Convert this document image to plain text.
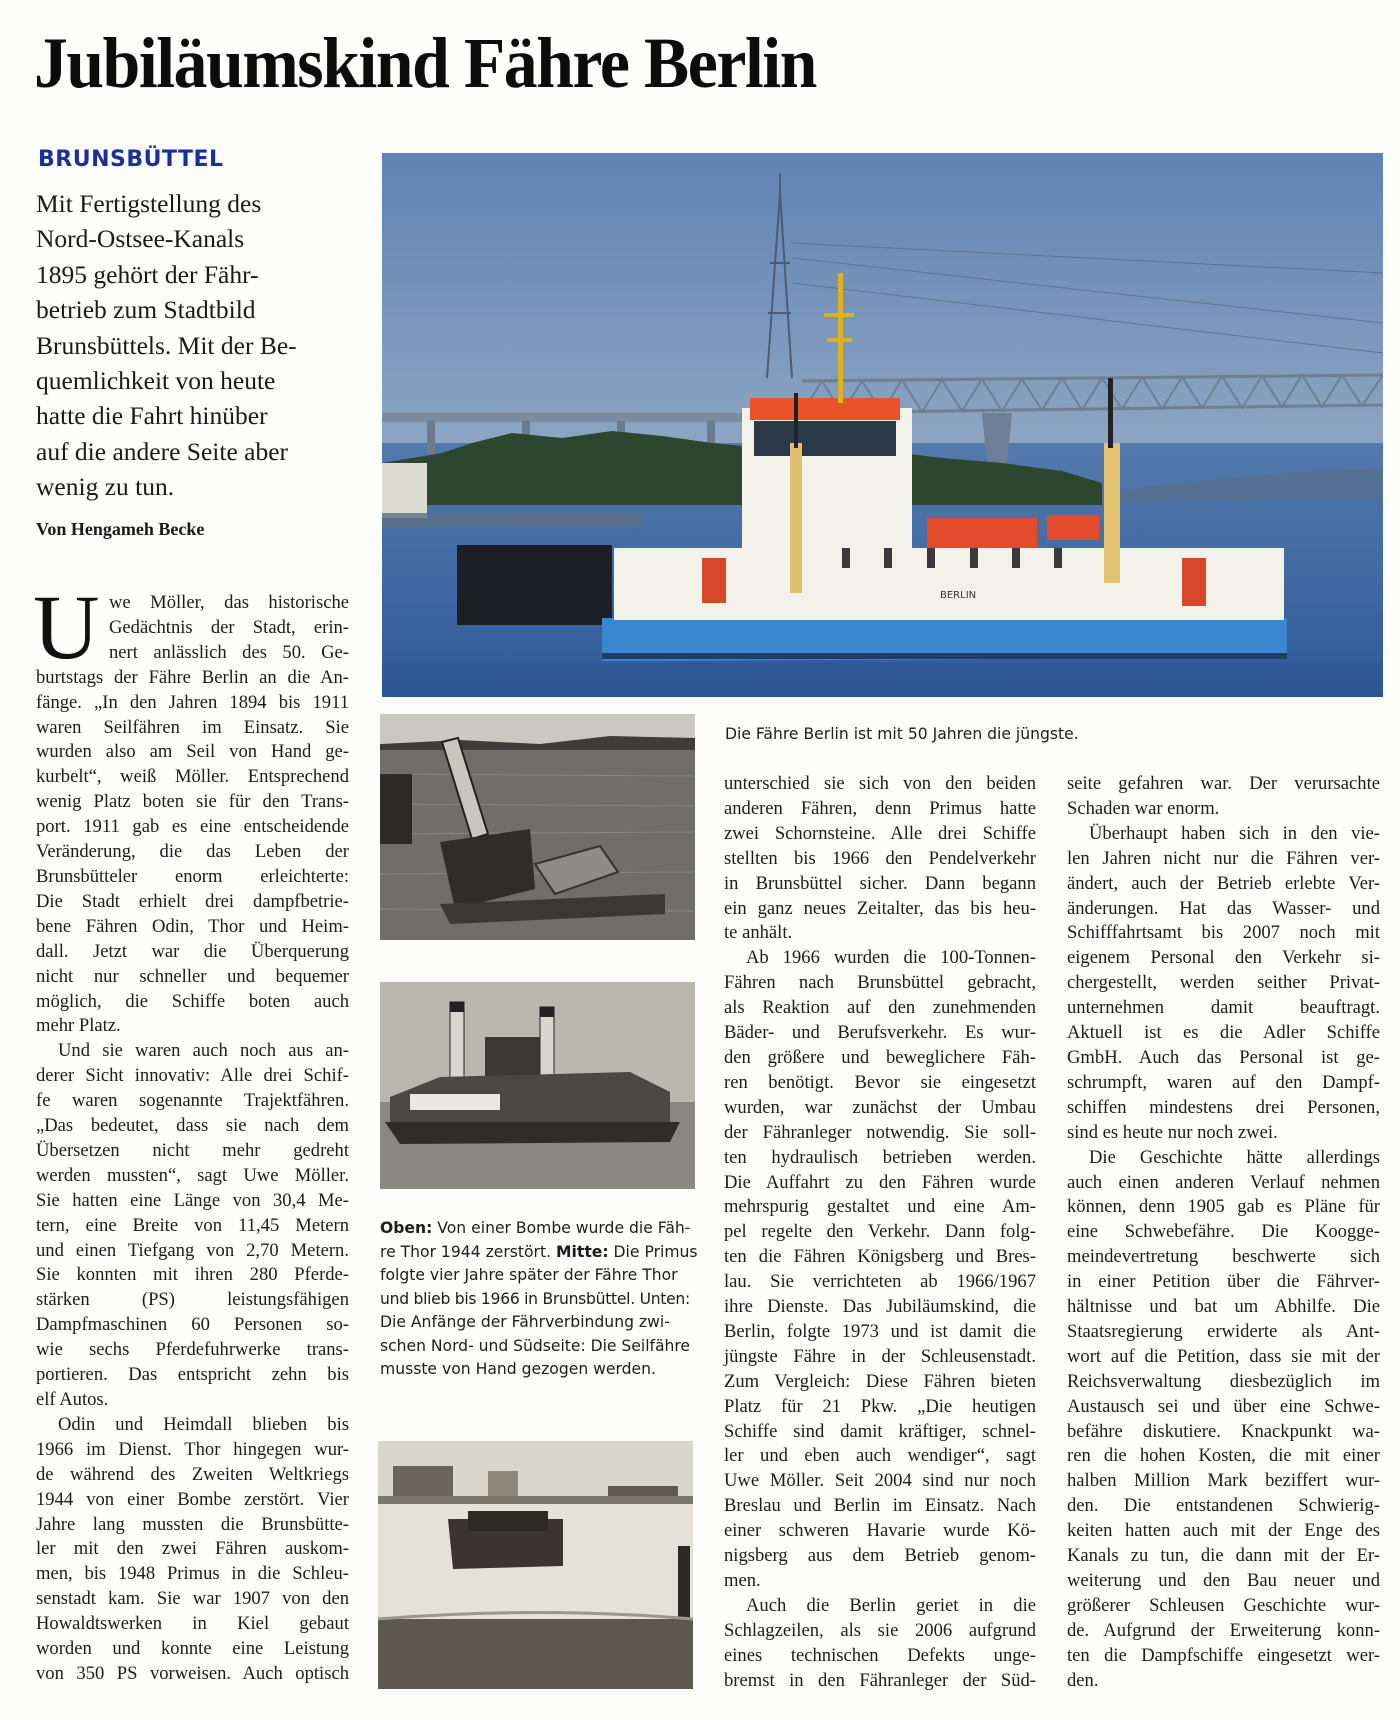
Jubiläumskind Fähre Berlin
BRUNSBÜTTEL
Mit Fertigstellung des
Nord-Ostsee-Kanals
1895 gehört der Fähr-
betrieb zum Stadtbild
Brunsbüttels. Mit der Be-
quemlichkeit von heute
hatte die Fahrt hinüber
auf die andere Seite aber
wenig zu tun.
Von Hengameh Becke
U we Möller, das historische
Gedächtnis der Stadt, erin-
nert anlässlich des 50. Ge-
burtstags der Fähre Berlin an die An-
fänge. „In den Jahren 1894 bis 1911
waren Seilfähren im Einsatz. Sie
wurden also am Seil von Hand ge-
kurbelt“, weiß Möller. Entsprechend
wenig Platz boten sie für den Trans-
port. 1911 gab es eine entscheidende
Veränderung, die das Leben der
Brunsbütteler enorm erleichterte:
Die Stadt erhielt drei dampfbetrie-
bene Fähren Odin, Thor und Heim-
dall. Jetzt war die Überquerung
nicht nur schneller und bequemer
möglich, die Schiffe boten auch
mehr Platz.
Und sie waren auch noch aus an-
derer Sicht innovativ: Alle drei Schif-
fe waren sogenannte Trajektfähren.
„Das bedeutet, dass sie nach dem
Übersetzen nicht mehr gedreht
werden mussten“, sagt Uwe Möller.
Sie hatten eine Länge von 30,4 Me-
tern, eine Breite von 11,45 Metern
und einen Tiefgang von 2,70 Metern.
Sie konnten mit ihren 280 Pferde-
stärken (PS) leistungsfähigen
Dampfmaschinen 60 Personen so-
wie sechs Pferdefuhrwerke trans-
portieren. Das entspricht zehn bis
elf Autos.
Odin und Heimdall blieben bis
1966 im Dienst. Thor hingegen wur-
de während des Zweiten Weltkriegs
1944 von einer Bombe zerstört. Vier
Jahre lang mussten die Brunsbütte-
ler mit den zwei Fähren auskom-
men, bis 1948 Primus in die Schleu-
senstadt kam. Sie war 1907 von den
Howaldtswerken in Kiel gebaut
worden und konnte eine Leistung
von 350 PS vorweisen. Auch optisch
unterschied sie sich von den beiden
anderen Fähren, denn Primus hatte
zwei Schornsteine. Alle drei Schiffe
stellten bis 1966 den Pendelverkehr
in Brunsbüttel sicher. Dann begann
ein ganz neues Zeitalter, das bis heu-
te anhält.
Ab 1966 wurden die 100-Tonnen-
Fähren nach Brunsbüttel gebracht,
als Reaktion auf den zunehmenden
Bäder- und Berufsverkehr. Es wur-
den größere und beweglichere Fäh-
ren benötigt. Bevor sie eingesetzt
wurden, war zunächst der Umbau
der Fähranleger notwendig. Sie soll-
ten hydraulisch betrieben werden.
Die Auffahrt zu den Fähren wurde
mehrspurig gestaltet und eine Am-
pel regelte den Verkehr. Dann folg-
ten die Fähren Königsberg und Bres-
lau. Sie verrichteten ab 1966/1967
ihre Dienste. Das Jubiläumskind, die
Berlin, folgte 1973 und ist damit die
jüngste Fähre in der Schleusenstadt.
Zum Vergleich: Diese Fähren bieten
Platz für 21 Pkw. „Die heutigen
Schiffe sind damit kräftiger, schnel-
ler und eben auch wendiger“, sagt
Uwe Möller. Seit 2004 sind nur noch
Breslau und Berlin im Einsatz. Nach
einer schweren Havarie wurde Kö-
nigsberg aus dem Betrieb genom-
men.
Auch die Berlin geriet in die
Schlagzeilen, als sie 2006 aufgrund
eines technischen Defekts unge-
bremst in den Fähranleger der Süd-
seite gefahren war. Der verursachte
Schaden war enorm.
Überhaupt haben sich in den vie-
len Jahren nicht nur die Fähren ver-
ändert, auch der Betrieb erlebte Ver-
änderungen. Hat das Wasser- und
Schifffahrtsamt bis 2007 noch mit
eigenem Personal den Verkehr si-
chergestellt, werden seither Privat-
unternehmen damit beauftragt.
Aktuell ist es die Adler Schiffe
GmbH. Auch das Personal ist ge-
schrumpft, waren auf den Dampf-
schiffen mindestens drei Personen,
sind es heute nur noch zwei.
Die Geschichte hätte allerdings
auch einen anderen Verlauf nehmen
können, denn 1905 gab es Pläne für
eine Schwebefähre. Die Kooggе-
meindevertretung beschwerte sich
in einer Petition über die Fährver-
hältnisse und bat um Abhilfe. Die
Staatsregierung erwiderte als Ant-
wort auf die Petition, dass sie mit der
Reichsverwaltung diesbezüglich im
Austausch sei und über eine Schwe-
befähre diskutiere. Knackpunkt wa-
ren die hohen Kosten, die mit einer
halben Million Mark beziffert wur-
den. Die entstandenen Schwierig-
keiten hatten auch mit der Enge des
Kanals zu tun, die dann mit der Er-
weiterung und den Bau neuer und
größerer Schleusen Geschichte wur-
de. Aufgrund der Erweiterung konn-
ten die Dampfschiffe eingesetzt wer-
den.
BERLIN
Die Fähre Berlin ist mit 50 Jahren die jüngste.
Oben: Von einer Bombe wurde die Fäh-
re Thor 1944 zerstört. Mitte: Die Primus
folgte vier Jahre später der Fähre Thor
und blieb bis 1966 in Brunsbüttel. Unten:
Die Anfänge der Fährverbindung zwi-
schen Nord- und Südseite: Die Seilfähre
musste von Hand gezogen werden.
